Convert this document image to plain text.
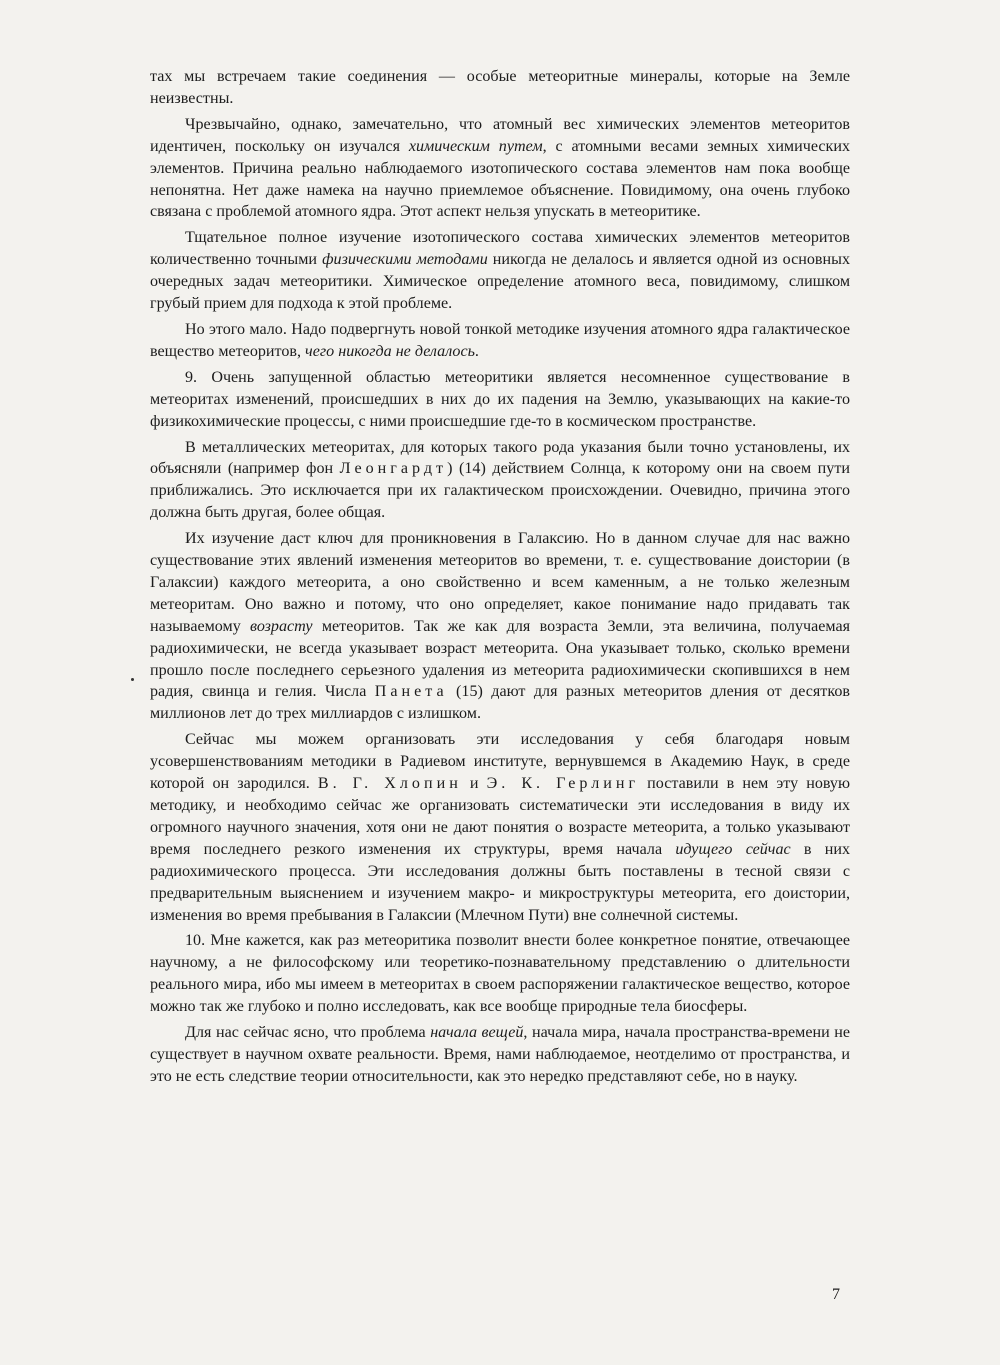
тах мы встречаем такие соединения — особые метеоритные минералы, которые на Земле неизвестны.

Чрезвычайно, однако, замечательно, что атомный вес химических элементов метеоритов идентичен, поскольку он изучался химическим путем, с атомными весами земных химических элементов. Причина реально наблюдаемого изотопического состава элементов нам пока вообще непонятна. Нет даже намека на научно приемлемое объяснение. Повидимому, она очень глубоко связана с проблемой атомного ядра. Этот аспект нельзя упускать в метеоритике.

Тщательное полное изучение изотопического состава химических элементов метеоритов количественно точными физическими методами никогда не делалось и является одной из основных очередных задач метеоритики. Химическое определение атомного веса, повидимому, слишком грубый прием для подхода к этой проблеме.

Но этого мало. Надо подвергнуть новой тонкой методике изучения атомного ядра галактическое вещество метеоритов, чего никогда не делалось.

9. Очень запущенной областью метеоритики является несомненное существование в метеоритах изменений, происшедших в них до их падения на Землю, указывающих на какие-то физикохимические процессы, с ними происшедшие где-то в космическом пространстве.

В металлических метеоритах, для которых такого рода указания были точно установлены, их объясняли (например фон Леонгардт) (14) действием Солнца, к которому они на своем пути приближались. Это исключается при их галактическом происхождении. Очевидно, причина этого должна быть другая, более общая.

Их изучение даст ключ для проникновения в Галаксию. Но в данном случае для нас важно существование этих явлений изменения метеоритов во времени, т. е. существование доистории (в Галаксии) каждого метеорита, а оно свойственно и всем каменным, а не только железным метеоритам. Оно важно и потому, что оно определяет, какое понимание надо придавать так называемому возрасту метеоритов. Так же как для возраста Земли, эта величина, получаемая радиохимически, не всегда указывает возраст метеорита. Она указывает только, сколько времени прошло после последнего серьезного удаления из метеорита радиохимически скопившихся в нем радия, свинца и гелия. Числа Панета (15) дают для разных метеоритов дления от десятков миллионов лет до трех миллиардов с излишком.

Сейчас мы можем организовать эти исследования у себя благодаря новым усовершенствованиям методики в Радиевом институте, вернувшемся в Академию Наук, в среде которой он зародился. В. Г. Хлопин и Э. К. Герлинг поставили в нем эту новую методику, и необходимо сейчас же организовать систематически эти исследования в виду их огромного научного значения, хотя они не дают понятия о возрасте метеорита, а только указывают время последнего резкого изменения их структуры, время начала идущего сейчас в них радиохимического процесса. Эти исследования должны быть поставлены в тесной связи с предварительным выяснением и изучением макро- и микроструктуры метеорита, его доистории, изменения во время пребывания в Галаксии (Млечном Пути) вне солнечной системы.

10. Мне кажется, как раз метеоритика позволит внести более конкретное понятие, отвечающее научному, а не философскому или теоретико-познавательному представлению о длительности реального мира, ибо мы имеем в метеоритах в своем распоряжении галактическое вещество, которое можно так же глубоко и полно исследовать, как все вообще природные тела биосферы.

Для нас сейчас ясно, что проблема начала вещей, начала мира, начала пространства-времени не существует в научном охвате реальности. Время, нами наблюдаемое, неотделимо от пространства, и это не есть следствие теории относительности, как это нередко представляют себе, но в науку.

7
